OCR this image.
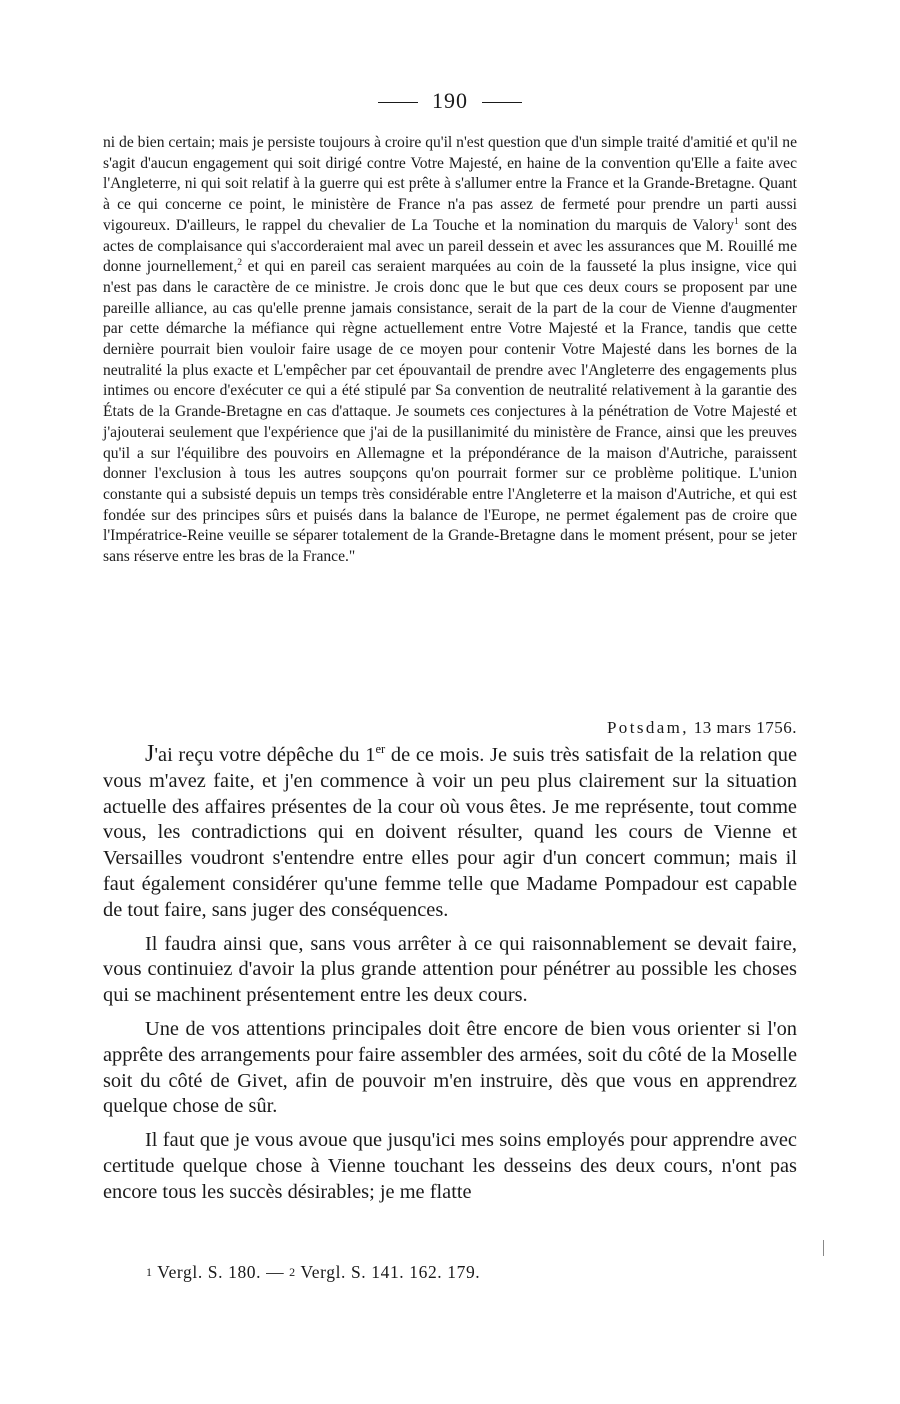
190

ni de bien certain; mais je persiste toujours à croire qu'il n'est question que d'un simple traité d'amitié et qu'il ne s'agit d'aucun engagement qui soit dirigé contre Votre Majesté, en haine de la convention qu'Elle a faite avec l'Angleterre, ni qui soit relatif à la guerre qui est prête à s'allumer entre la France et la Grande-Bretagne. Quant à ce qui concerne ce point, le ministère de France n'a pas assez de fermeté pour prendre un parti aussi vigoureux. D'ailleurs, le rappel du chevalier de La Touche et la nomination du marquis de Valory$^1$ sont des actes de complaisance qui s'accorderaient mal avec un pareil dessein et avec les assurances que M. Rouillé me donne journellement,$^2$ et qui en pareil cas seraient marquées au coin de la fausseté la plus insigne, vice qui n'est pas dans le caractère de ce ministre. Je crois donc que le but que ces deux cours se proposent par une pareille alliance, au cas qu'elle prenne jamais consistance, serait de la part de la cour de Vienne d'augmenter par cette démarche la méfiance qui règne actuellement entre Votre Majesté et la France, tandis que cette dernière pourrait bien vouloir faire usage de ce moyen pour contenir Votre Majesté dans les bornes de la neutralité la plus exacte et L'empêcher par cet épouvantail de prendre avec l'Angleterre des engagements plus intimes ou encore d'exécuter ce qui a été stipulé par Sa convention de neutralité relativement à la garantie des États de la Grande-Bretagne en cas d'attaque. Je soumets ces conjectures à la pénétration de Votre Majesté et j'ajouterai seulement que l'expérience que j'ai de la pusillanimité du ministère de France, ainsi que les preuves qu'il a sur l'équilibre des pouvoirs en Allemagne et la prépondérance de la maison d'Autriche, paraissent donner l'exclusion à tous les autres soupçons qu'on pourrait former sur ce problème politique. L'union constante qui a subsisté depuis un temps très considérable entre l'Angleterre et la maison d'Autriche, et qui est fondée sur des principes sûrs et puisés dans la balance de l'Europe, ne permet également pas de croire que l'Impératrice-Reine veuille se séparer totalement de la Grande-Bretagne dans le moment présent, pour se jeter sans réserve entre les bras de la France."

Potsdam, 13 mars 1756.

J'ai reçu votre dépêche du 1er de ce mois. Je suis très satisfait de la relation que vous m'avez faite, et j'en commence à voir un peu plus clairement sur la situation actuelle des affaires présentes de la cour où vous êtes. Je me représente, tout comme vous, les contradictions qui en doivent résulter, quand les cours de Vienne et Versailles voudront s'entendre entre elles pour agir d'un concert commun; mais il faut également considérer qu'une femme telle que Madame Pompadour est capable de tout faire, sans juger des conséquences.

Il faudra ainsi que, sans vous arrêter à ce qui raisonnablement se devait faire, vous continuiez d'avoir la plus grande attention pour pénétrer au possible les choses qui se machinent présentement entre les deux cours.

Une de vos attentions principales doit être encore de bien vous orienter si l'on apprête des arrangements pour faire assembler des armées, soit du côté de la Moselle soit du côté de Givet, afin de pouvoir m'en instruire, dès que vous en apprendrez quelque chose de sûr.

Il faut que je vous avoue que jusqu'ici mes soins employés pour apprendre avec certitude quelque chose à Vienne touchant les desseins des deux cours, n'ont pas encore tous les succès désirables; je me flatte

1 Vergl. S. 180. — 2 Vergl. S. 141. 162. 179.
